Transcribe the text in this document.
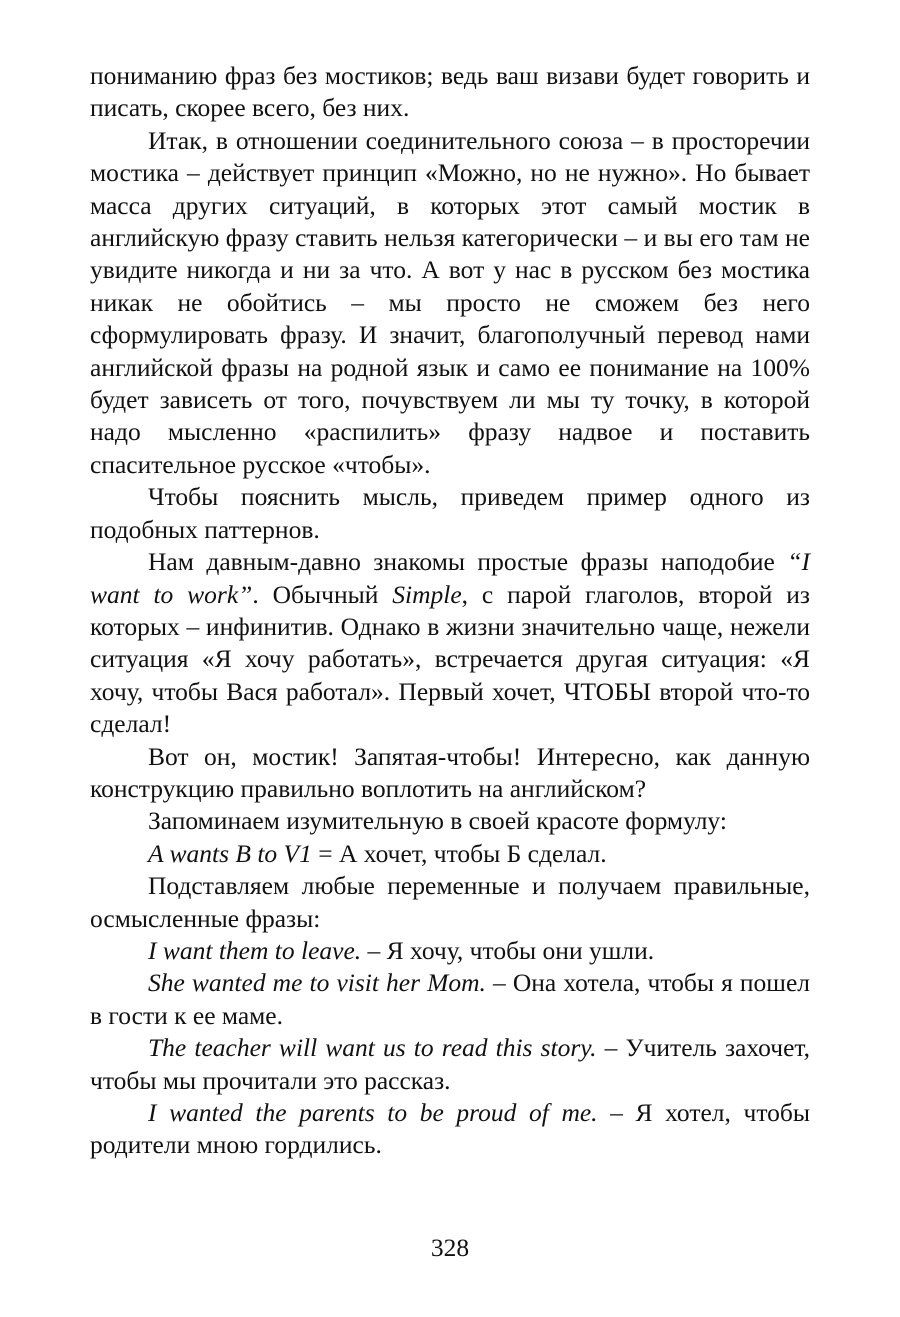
пониманию фраз без мостиков; ведь ваш визави будет говорить и писать, скорее всего, без них.

Итак, в отношении соединительного союза – в просторечии мостика – действует принцип «Можно, но не нужно». Но бывает масса других ситуаций, в которых этот самый мостик в английскую фразу ставить нельзя категорически – и вы его там не увидите никогда и ни за что. А вот у нас в русском без мостика никак не обойтись – мы просто не сможем без него сформулировать фразу. И значит, благополучный перевод нами английской фразы на родной язык и само ее понимание на 100% будет зависеть от того, почувствуем ли мы ту точку, в которой надо мысленно «распилить» фразу надвое и поставить спасительное русское «чтобы».

Чтобы пояснить мысль, приведем пример одного из подобных паттернов.

Нам давным-давно знакомы простые фразы наподобие “I want to work”. Обычный Simple, с парой глаголов, второй из которых – инфинитив. Однако в жизни значительно чаще, нежели ситуация «Я хочу работать», встречается другая ситуация: «Я хочу, чтобы Вася работал». Первый хочет, ЧТОБЫ второй что-то сделал!

Вот он, мостик! Запятая-чтобы! Интересно, как данную конструкцию правильно воплотить на английском?

Запоминаем изумительную в своей красоте формулу:

A wants B to V1 = А хочет, чтобы Б сделал.

Подставляем любые переменные и получаем правильные, осмысленные фразы:

I want them to leave. – Я хочу, чтобы они ушли.

She wanted me to visit her Mom. – Она хотела, чтобы я пошел в гости к ее маме.

The teacher will want us to read this story. – Учитель захочет, чтобы мы прочитали это рассказ.

I wanted the parents to be proud of me. – Я хотел, чтобы родители мною гордились.

328
